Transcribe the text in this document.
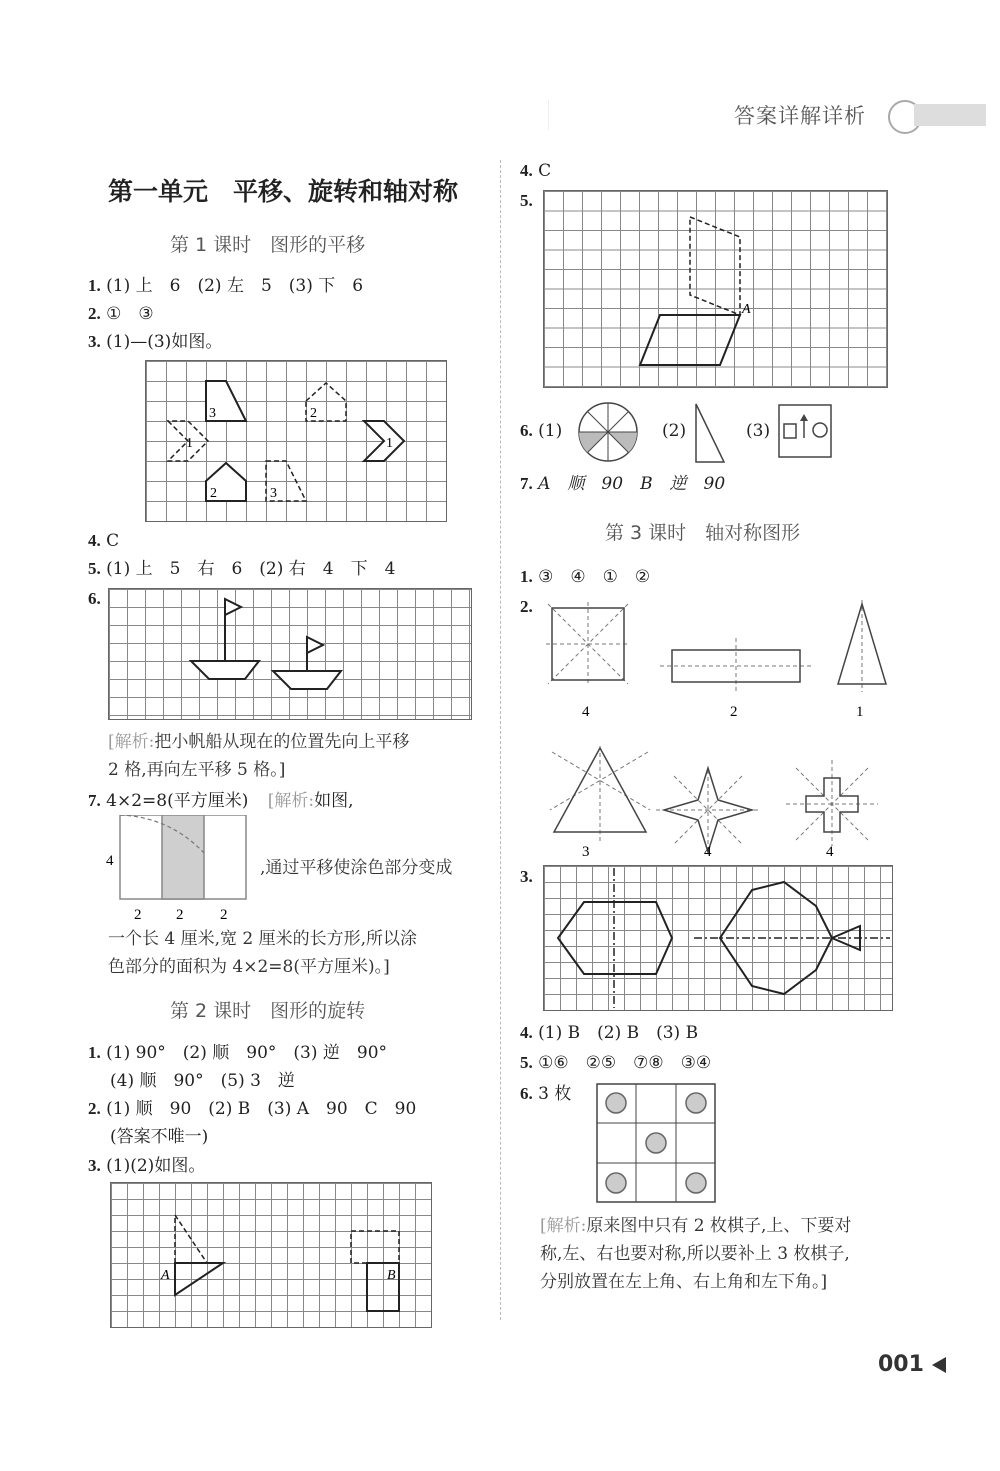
答案详解详析
第一单元　平移、旋转和轴对称
第 1 课时　图形的平移
1. (1) 上　6　(2) 左　5　(3) 下　6
2. ①　③
3. (1)—(3)如图。
3
2
1
1
2
3
4. C
5. (1) 上　5　右　6　(2) 右　4　下　4
6.
[解析:把小帆船从现在的位置先向上平移
2 格,再向左平移 5 格。]
7. 4×2=8(平方厘米) [解析:如图,
4
2 2 2
,通过平移使涂色部分变成
一个长 4 厘米,宽 2 厘米的长方形,所以涂
色部分的面积为 4×2=8(平方厘米)。]
第 2 课时　图形的旋转
1. (1) 90°　(2) 顺　90°　(3) 逆　90°
(4) 顺　90°　(5) 3　逆
2. (1) 顺　90　(2) B　(3) A　90　C　90
(答案不唯一)
3. (1)(2)如图。
A	B
4. C
5.
A
6. (1)	(2)	(3)
7. A　顺　90　B　逆　90
第 3 课时　轴对称图形
1. ③　④　①　②
2.
4	2	1
3	4	4
3.
4. (1) B　(2) B　(3) B
5. ①⑥　②⑤　⑦⑧　③④
6. 3 枚
[解析:原来图中只有 2 枚棋子,上、下要对
称,左、右也要对称,所以要补上 3 枚棋子,
分别放置在左上角、右上角和左下角。]
001
